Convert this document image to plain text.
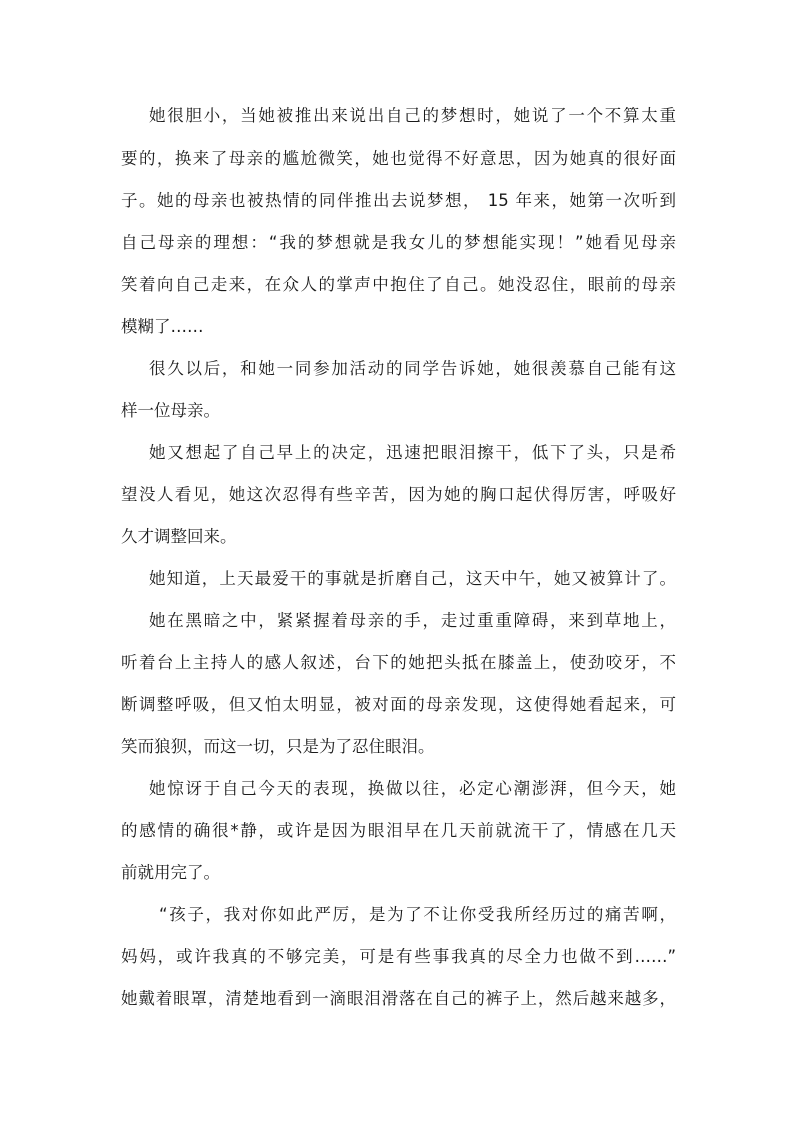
她很胆小，当她被推出来说出自己的梦想时，她说了一个不算太重
要的，换来了母亲的尴尬微笑，她也觉得不好意思，因为她真的很好面
子。她的母亲也被热情的同伴推出去说梦想， 15 年来，她第一次听到
自己母亲的理想：“我的梦想就是我女儿的梦想能实现！”她看见母亲
笑着向自己走来，在众人的掌声中抱住了自己。她没忍住，眼前的母亲
模糊了……
很久以后，和她一同参加活动的同学告诉她，她很羡慕自己能有这
样一位母亲。
她又想起了自己早上的决定，迅速把眼泪擦干，低下了头，只是希
望没人看见，她这次忍得有些辛苦，因为她的胸口起伏得厉害，呼吸好
久才调整回来。
她知道，上天最爱干的事就是折磨自己，这天中午，她又被算计了。
她在黑暗之中，紧紧握着母亲的手，走过重重障碍，来到草地上，
听着台上主持人的感人叙述，台下的她把头抵在膝盖上，使劲咬牙，不
断调整呼吸，但又怕太明显，被对面的母亲发现，这使得她看起来，可
笑而狼狈，而这一切，只是为了忍住眼泪。
她惊讶于自己今天的表现，换做以往，必定心潮澎湃，但今天，她
的感情的确很*静，或许是因为眼泪早在几天前就流干了，情感在几天
前就用完了。
“孩子，我对你如此严厉，是为了不让你受我所经历过的痛苦啊，
妈妈，或许我真的不够完美，可是有些事我真的尽全力也做不到……”
她戴着眼罩，清楚地看到一滴眼泪滑落在自己的裤子上，然后越来越多，
